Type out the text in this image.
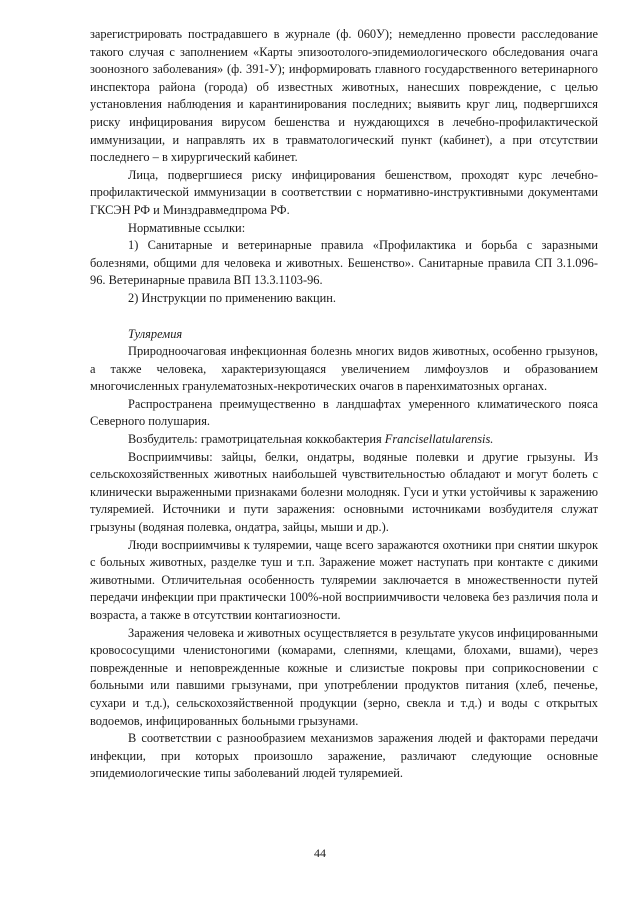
зарегистрировать пострадавшего в журнале (ф. 060У); немедленно провести расследование такого случая с заполнением «Карты эпизоотолого-эпидемиологического обследования очага зоонозного заболевания» (ф. 391-У); информировать главного государственного ветеринарного инспектора района (города) об известных животных, нанесших повреждение, с целью установления наблюдения и карантинирования последних; выявить круг лиц, подвергшихся риску инфицирования вирусом бешенства и нуждающихся в лечебно-профилактической иммунизации, и направлять их в травматологический пункт (кабинет), а при отсутствии последнего – в хирургический кабинет.

Лица, подвергшиеся риску инфицирования бешенством, проходят курс лечебно-профилактической иммунизации в соответствии с нормативно-инструктивными документами ГКСЭН РФ и Минздравмедпрома РФ.

Нормативные ссылки:

1) Санитарные и ветеринарные правила «Профилактика и борьба с заразными болезнями, общими для человека и животных. Бешенство». Санитарные правила СП 3.1.096-96. Ветеринарные правила ВП 13.3.1103-96.

2) Инструкции по применению вакцин.

Туляремия

Природноочаговая инфекционная болезнь многих видов животных, особенно грызунов, а также человека, характеризующаяся увеличением лимфоузлов и образованием многочисленных гранулематозных-некротических очагов в паренхиматозных органах.

Распространена преимущественно в ландшафтах умеренного климатического пояса Северного полушария.

Возбудитель: грамотрицательная коккобактерия Francisellatularensis.

Восприимчивы: зайцы, белки, ондатры, водяные полевки и другие грызуны. Из сельскохозяйственных животных наибольшей чувствительностью обладают и могут болеть с клинически выраженными признаками болезни молодняк. Гуси и утки устойчивы к заражению туляремией. Источники и пути заражения: основными источниками возбудителя служат грызуны (водяная полевка, ондатра, зайцы, мыши и др.).

Люди восприимчивы к туляремии, чаще всего заражаются охотники при снятии шкурок с больных животных, разделке туш и т.п. Заражение может наступать при контакте с дикими животными. Отличительная особенность туляремии заключается в множественности путей передачи инфекции при практически 100%-ной восприимчивости человека без различия пола и возраста, а также в отсутствии контагиозности.

Заражения человека и животных осуществляется в результате укусов инфицированными кровососущими членистоногими (комарами, слепнями, клещами, блохами, вшами), через поврежденные и неповрежденные кожные и слизистые покровы при соприкосновении с больными или павшими грызунами, при употреблении продуктов питания (хлеб, печенье, сухари и т.д.), сельскохозяйственной продукции (зерно, свекла и т.д.) и воды с открытых водоемов, инфицированных больными грызунами.

В соответствии с разнообразием механизмов заражения людей и факторами передачи инфекции, при которых произошло заражение, различают следующие основные эпидемиологические типы заболеваний людей туляремией.

44
